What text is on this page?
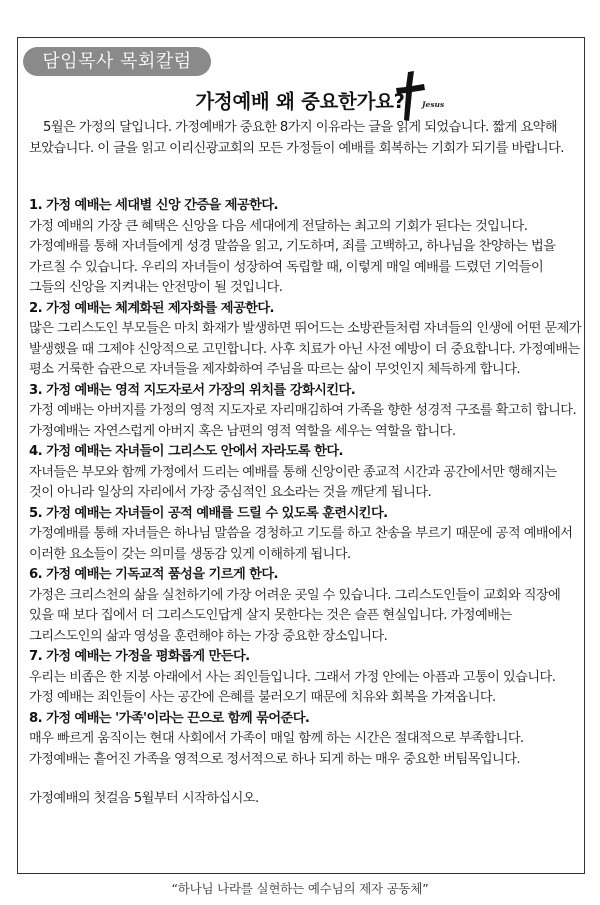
담임목사 목회칼럼
가정예배 왜 중요한가요?	Jesus

5월은 가정의 달입니다. 가정예배가 중요한 8가지 이유라는 글을 읽게 되었습니다. 짧게 요약해 보았습니다. 이 글을 읽고 이리신광교회의 모든 가정들이 예배를 회복하는 기회가 되기를 바랍니다.

1. 가정 예배는 세대별 신앙 간증을 제공한다.

가정 예배의 가장 큰 혜택은 신앙을 다음 세대에게 전달하는 최고의 기회가 된다는 것입니다. 가정예배를 통해 자녀들에게 성경 말씀을 읽고, 기도하며, 죄를 고백하고, 하나님을 찬양하는 법을 가르칠 수 있습니다. 우리의 자녀들이 성장하여 독립할 때, 이렇게 매일 예배를 드렸던 기억들이 그들의 신앙을 지켜내는 안전망이 될 것입니다.

2. 가정 예배는 체계화된 제자화를 제공한다.

많은 그리스도인 부모들은 마치 화재가 발생하면 뛰어드는 소방관들처럼 자녀들의 인생에 어떤 문제가 발생했을 때 그제야 신앙적으로 고민합니다. 사후 치료가 아닌 사전 예방이 더 중요합니다. 가정예배는 평소 거룩한 습관으로 자녀들을 제자화하여 주님을 따르는 삶이 무엇인지 체득하게 합니다.

3. 가정 예배는 영적 지도자로서 가장의 위치를 강화시킨다.

가정 예배는 아버지를 가정의 영적 지도자로 자리매김하여 가족을 향한 성경적 구조를 확고히 합니다. 가정예배는 자연스럽게 아버지 혹은 남편의 영적 역할을 세우는 역할을 합니다.

4. 가정 예배는 자녀들이 그리스도 안에서 자라도록 한다.

자녀들은 부모와 함께 가정에서 드리는 예배를 통해 신앙이란 종교적 시간과 공간에서만 행해지는 것이 아니라 일상의 자리에서 가장 중심적인 요소라는 것을 깨닫게 됩니다.

5. 가정 예배는 자녀들이 공적 예배를 드릴 수 있도록 훈련시킨다.

가정예배를 통해 자녀들은 하나님 말씀을 경청하고 기도를 하고 찬송을 부르기 때문에 공적 예배에서 이러한 요소들이 갖는 의미를 생동감 있게 이해하게 됩니다.

6. 가정 예배는 기독교적 품성을 기르게 한다.

가정은 크리스천의 삶을 실천하기에 가장 어려운 곳일 수 있습니다. 그리스도인들이 교회와 직장에 있을 때 보다 집에서 더 그리스도인답게 살지 못한다는 것은 슬픈 현실입니다. 가정예배는 그리스도인의 삶과 영성을 훈련해야 하는 가장 중요한 장소입니다.

7. 가정 예배는 가정을 평화롭게 만든다.

우리는 비좁은 한 지붕 아래에서 사는 죄인들입니다. 그래서 가정 안에는 아픔과 고통이 있습니다. 가정 예배는 죄인들이 사는 공간에 은혜를 불러오기 때문에 치유와 회복을 가져옵니다.

8. 가정 예배는 '가족'이라는 끈으로 함께 묶어준다.

매우 빠르게 움직이는 현대 사회에서 가족이 매일 함께 하는 시간은 절대적으로 부족합니다. 가정예배는 흩어진 가족을 영적으로 정서적으로 하나 되게 하는 매우 중요한 버팀목입니다.

가정예배의 첫걸음 5월부터 시작하십시오.

“하나님 나라를 실현하는 예수님의 제자 공동체”
